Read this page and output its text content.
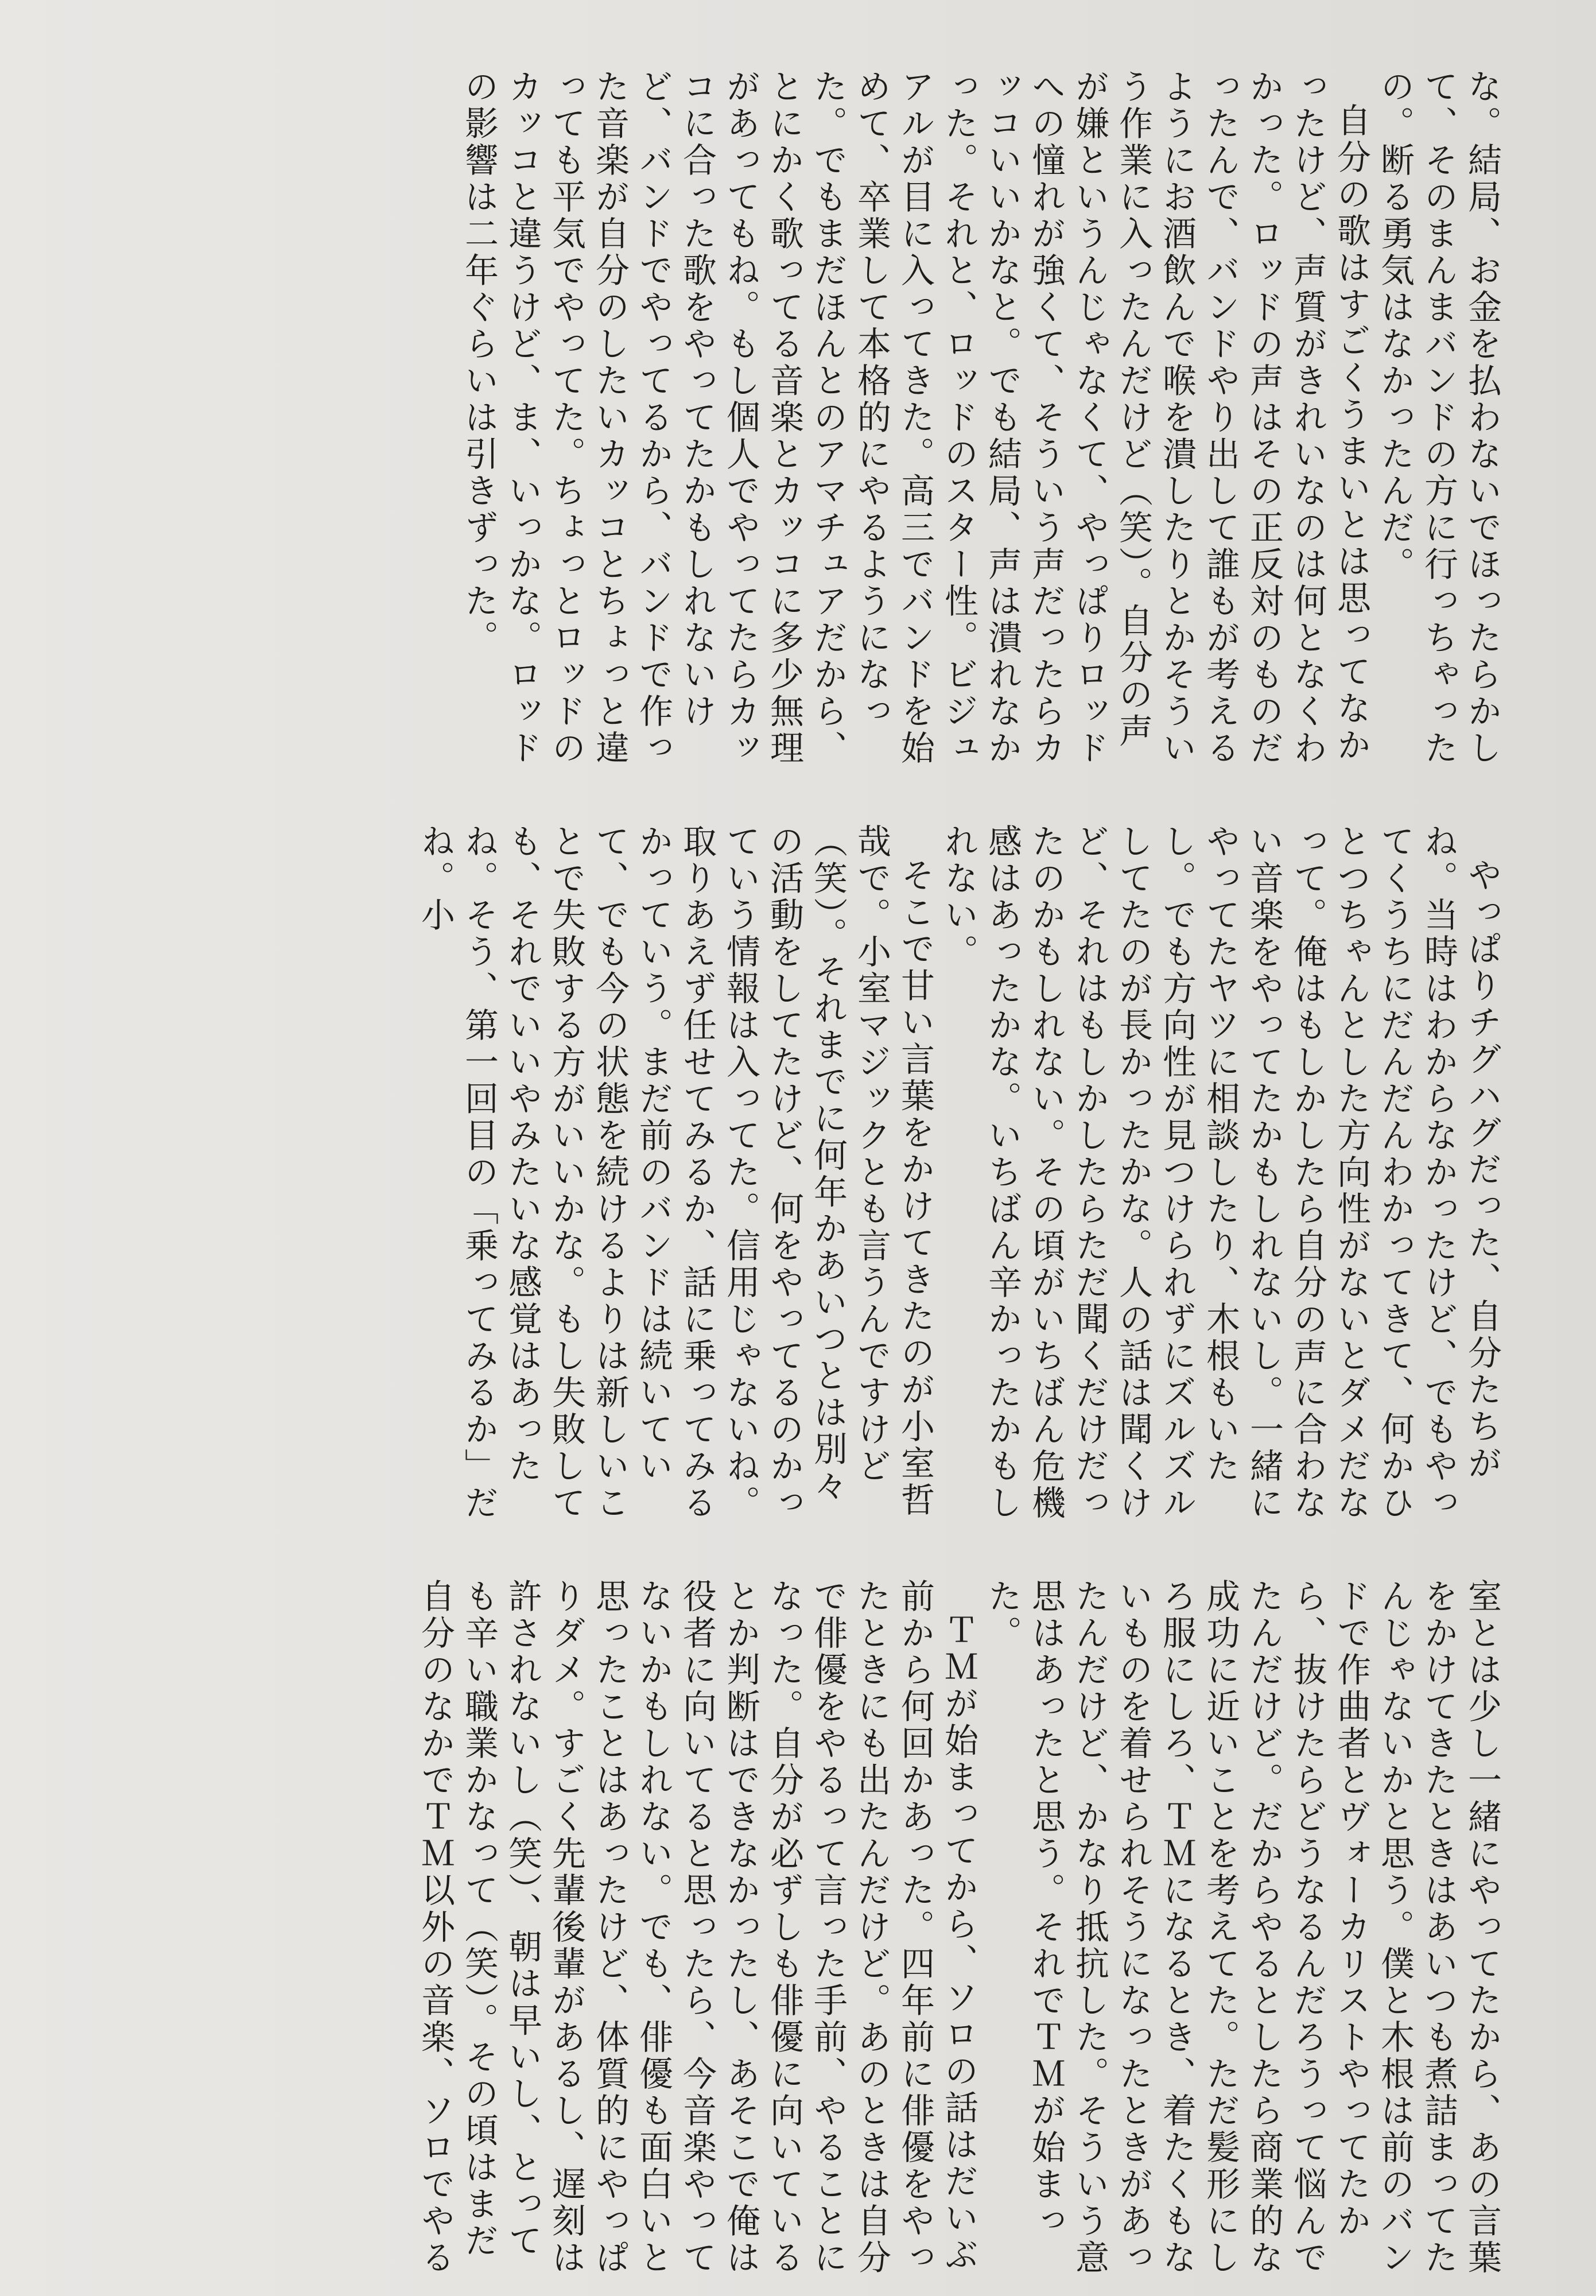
な。結局、お金を払わないでほったらかして、そのまんまバンドの方に行っちゃったの。断る勇気はなかったんだ。

自分の歌はすごくうまいとは思ってなかったけど、声質がきれいなのは何となくわかった。ロッドの声はその正反対のものだったんで、バンドやり出して誰もが考えるようにお酒飲んで喉を潰したりとかそういう作業に入ったんだけど（笑）。自分の声が嫌というんじゃなくて、やっぱりロッドへの憧れが強くて、そういう声だったらカッコいいかなと。でも結局、声は潰れなかった。それと、ロッドのスター性。ビジュアルが目に入ってきた。高三でバンドを始めて、卒業して本格的にやるようになった。でもまだほんとのアマチュアだから、とにかく歌ってる音楽とカッコに多少無理があってもね。もし個人でやってたらカッコに合った歌をやってたかもしれないけど、バンドでやってるから、バンドで作った音楽が自分のしたいカッコとちょっと違っても平気でやってた。ちょっとロッドのカッコと違うけど、ま、いっかな。ロッドの影響は二年ぐらいは引きずった。

やっぱりチグハグだった、自分たちがね。当時はわからなかったけど、でもやってくうちにだんだんわかってきて、何かひとつちゃんとした方向性がないとダメだなって。俺はもしかしたら自分の声に合わない音楽をやってたかもしれないし。一緒にやってたヤツに相談したり、木根もいたし。でも方向性が見つけられずにズルズルしてたのが長かったかな。人の話は聞くけど、それはもしかしたらただ聞くだけだったのかもしれない。その頃がいちばん危機感はあったかな。いちばん辛かったかもしれない。

そこで甘い言葉をかけてきたのが小室哲哉で。小室マジックとも言うんですけど（笑）。それまでに何年かあいつとは別々の活動をしてたけど、何をやってるのかっていう情報は入ってた。信用じゃないね。取りあえず任せてみるか、話に乗ってみるかっていう。まだ前のバンドは続いていて、でも今の状態を続けるよりは新しいことで失敗する方がいいかな。もし失敗しても、それでいいやみたいな感覚はあったね。そう、第一回目の「乗ってみるか」だね。小

室とは少し一緒にやってたから、あの言葉をかけてきたときはあいつも煮詰まってたんじゃないかと思う。僕と木根は前のバンドで作曲者とヴォーカリストやってたから、抜けたらどうなるんだろうって悩んでたんだけど。だからやるとしたら商業的な成功に近いことを考えてた。ただ髪形にしろ服にしろ、ＴＭになるとき、着たくもないものを着せられそうになったときがあったんだけど、かなり抵抗した。そういう意思はあったと思う。それでＴＭが始まった。

ＴＭが始まってから、ソロの話はだいぶ前から何回かあった。四年前に俳優をやったときにも出たんだけど。あのときは自分で俳優をやるって言った手前、やることになった。自分が必ずしも俳優に向いているとか判断はできなかったし、あそこで俺は役者に向いてると思ったら、今音楽やってないかもしれない。でも、俳優も面白いと思ったことはあったけど、体質的にやっぱりダメ。すごく先輩後輩があるし、遅刻は許されないし（笑）、朝は早いし、とっても辛い職業かなって（笑）。その頃はまだ自分のなかでＴＭ以外の音楽、ソロでやる
